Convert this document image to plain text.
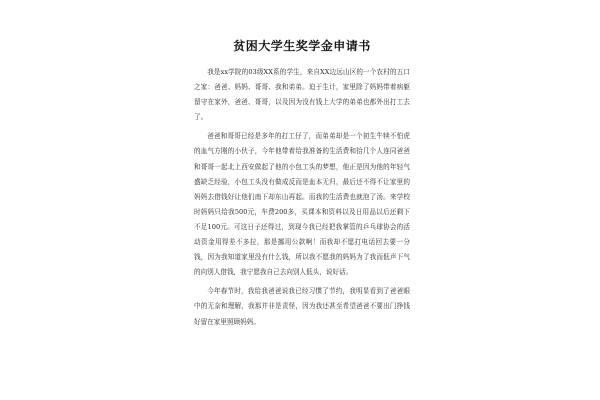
贫困大学生奖学金申请书

我是xx学院的03级XX系的学生，来自XX边远山区的一个农村的五口之家：爸爸、妈妈、哥哥、我和弟弟。迫于生计，家里除了妈妈带着病躯留守在家外，爸爸、哥哥，以及因为没有钱上大学的弟弟也都外出打工去了。

爸爸和哥哥已经是多年的打工仔了，而弟弟却是一个初生牛犊不怕虎的血气方刚的小伙子，今年他带着给我准备的生活费和拾几个人连同爸爸和哥哥一起北上西安做起了他的小包工头的梦想，他正是因为他的年轻气盛缺乏经验，小包工头没有做成反而是血本无归，最后还不得不让家里的妈妈去借钱好让他们南下却东山再起。而我的生活费也就泡了汤。来学校时妈妈只给我500元，车费200多，买课本和资料以及日用品以后还剩下不足100元。可这日子还得过，到现今我已经把我掌管的乒乓球协会的活动资金用得差不多拉，那是挪用公款啊！而我却不愿打电话回去要一分钱，因为我知道家里没有什么钱，所以我不愿我的妈妈为了我而低声下气的向别人借钱，我宁愿我自己去向别人低头，说好话。

今年春节时，我给我爸爸说我已经习惯了节约，我明显看到了爸爸眼中的无奈和理解，我那并非是责怪，因为我还甚至希望爸爸不要出门挣钱好留在家里照顾妈妈。
